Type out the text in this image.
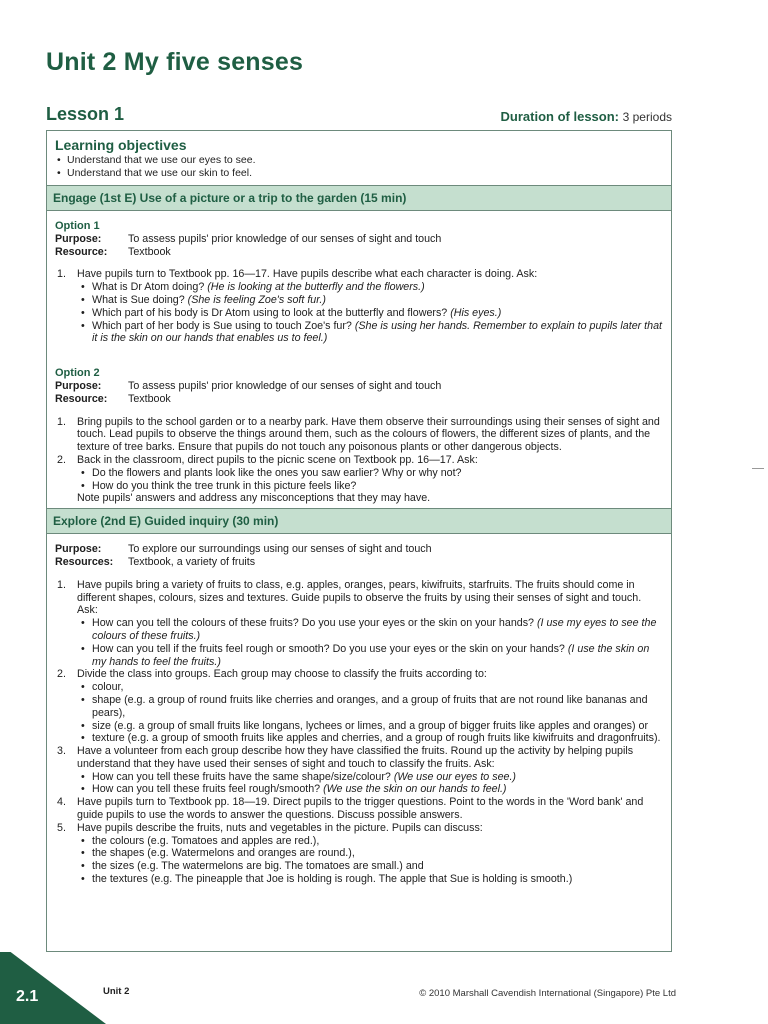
Unit 2 My five senses
Lesson 1	Duration of lesson: 3 periods
Learning objectives
• Understand that we use our eyes to see.
• Understand that we use our skin to feel.
Engage (1st E) Use of a picture or a trip to the garden (15 min)
Option 1
Purpose:	To assess pupils' prior knowledge of our senses of sight and touch
Resource:	Textbook
1. Have pupils turn to Textbook pp. 16—17. Have pupils describe what each character is doing. Ask:
• What is Dr Atom doing? (He is looking at the butterfly and the flowers.)
• What is Sue doing? (She is feeling Zoe's soft fur.)
• Which part of his body is Dr Atom using to look at the butterfly and flowers? (His eyes.)
• Which part of her body is Sue using to touch Zoe's fur? (She is using her hands. Remember to explain to pupils later that it is the skin on our hands that enables us to feel.)
Option 2
Purpose:	To assess pupils' prior knowledge of our senses of sight and touch
Resource:	Textbook
1. Bring pupils to the school garden or to a nearby park. Have them observe their surroundings using their senses of sight and touch. Lead pupils to observe the things around them, such as the colours of flowers, the different sizes of plants, and the texture of tree barks. Ensure that pupils do not touch any poisonous plants or other dangerous objects.
2. Back in the classroom, direct pupils to the picnic scene on Textbook pp. 16—17. Ask:
• Do the flowers and plants look like the ones you saw earlier? Why or why not?
• How do you think the tree trunk in this picture feels like?
Note pupils' answers and address any misconceptions that they may have.
Explore (2nd E) Guided inquiry (30 min)
Purpose:	To explore our surroundings using our senses of sight and touch
Resources:	Textbook, a variety of fruits
1. Have pupils bring a variety of fruits to class, e.g. apples, oranges, pears, kiwifruits, starfruits. The fruits should come in different shapes, colours, sizes and textures. Guide pupils to observe the fruits by using their senses of sight and touch. Ask:
• How can you tell the colours of these fruits? Do you use your eyes or the skin on your hands? (I use my eyes to see the colours of these fruits.)
• How can you tell if the fruits feel rough or smooth? Do you use your eyes or the skin on your hands? (I use the skin on my hands to feel the fruits.)
2. Divide the class into groups. Each group may choose to classify the fruits according to:
• colour,
• shape (e.g. a group of round fruits like cherries and oranges, and a group of fruits that are not round like bananas and pears),
• size (e.g. a group of small fruits like longans, lychees or limes, and a group of bigger fruits like apples and oranges) or
• texture (e.g. a group of smooth fruits like apples and cherries, and a group of rough fruits like kiwifruits and dragonfruits).
3. Have a volunteer from each group describe how they have classified the fruits. Round up the activity by helping pupils understand that they have used their senses of sight and touch to classify the fruits. Ask:
• How can you tell these fruits have the same shape/size/colour? (We use our eyes to see.)
• How can you tell these fruits feel rough/smooth? (We use the skin on our hands to feel.)
4. Have pupils turn to Textbook pp. 18—19. Direct pupils to the trigger questions. Point to the words in the 'Word bank' and guide pupils to use the words to answer the questions. Discuss possible answers.
5. Have pupils describe the fruits, nuts and vegetables in the picture. Pupils can discuss:
• the colours (e.g. Tomatoes and apples are red.),
• the shapes (e.g. Watermelons and oranges are round.),
• the sizes (e.g. The watermelons are big. The tomatoes are small.) and
• the textures (e.g. The pineapple that Joe is holding is rough. The apple that Sue is holding is smooth.)
2.1	Unit 2	© 2010 Marshall Cavendish International (Singapore) Pte Ltd
